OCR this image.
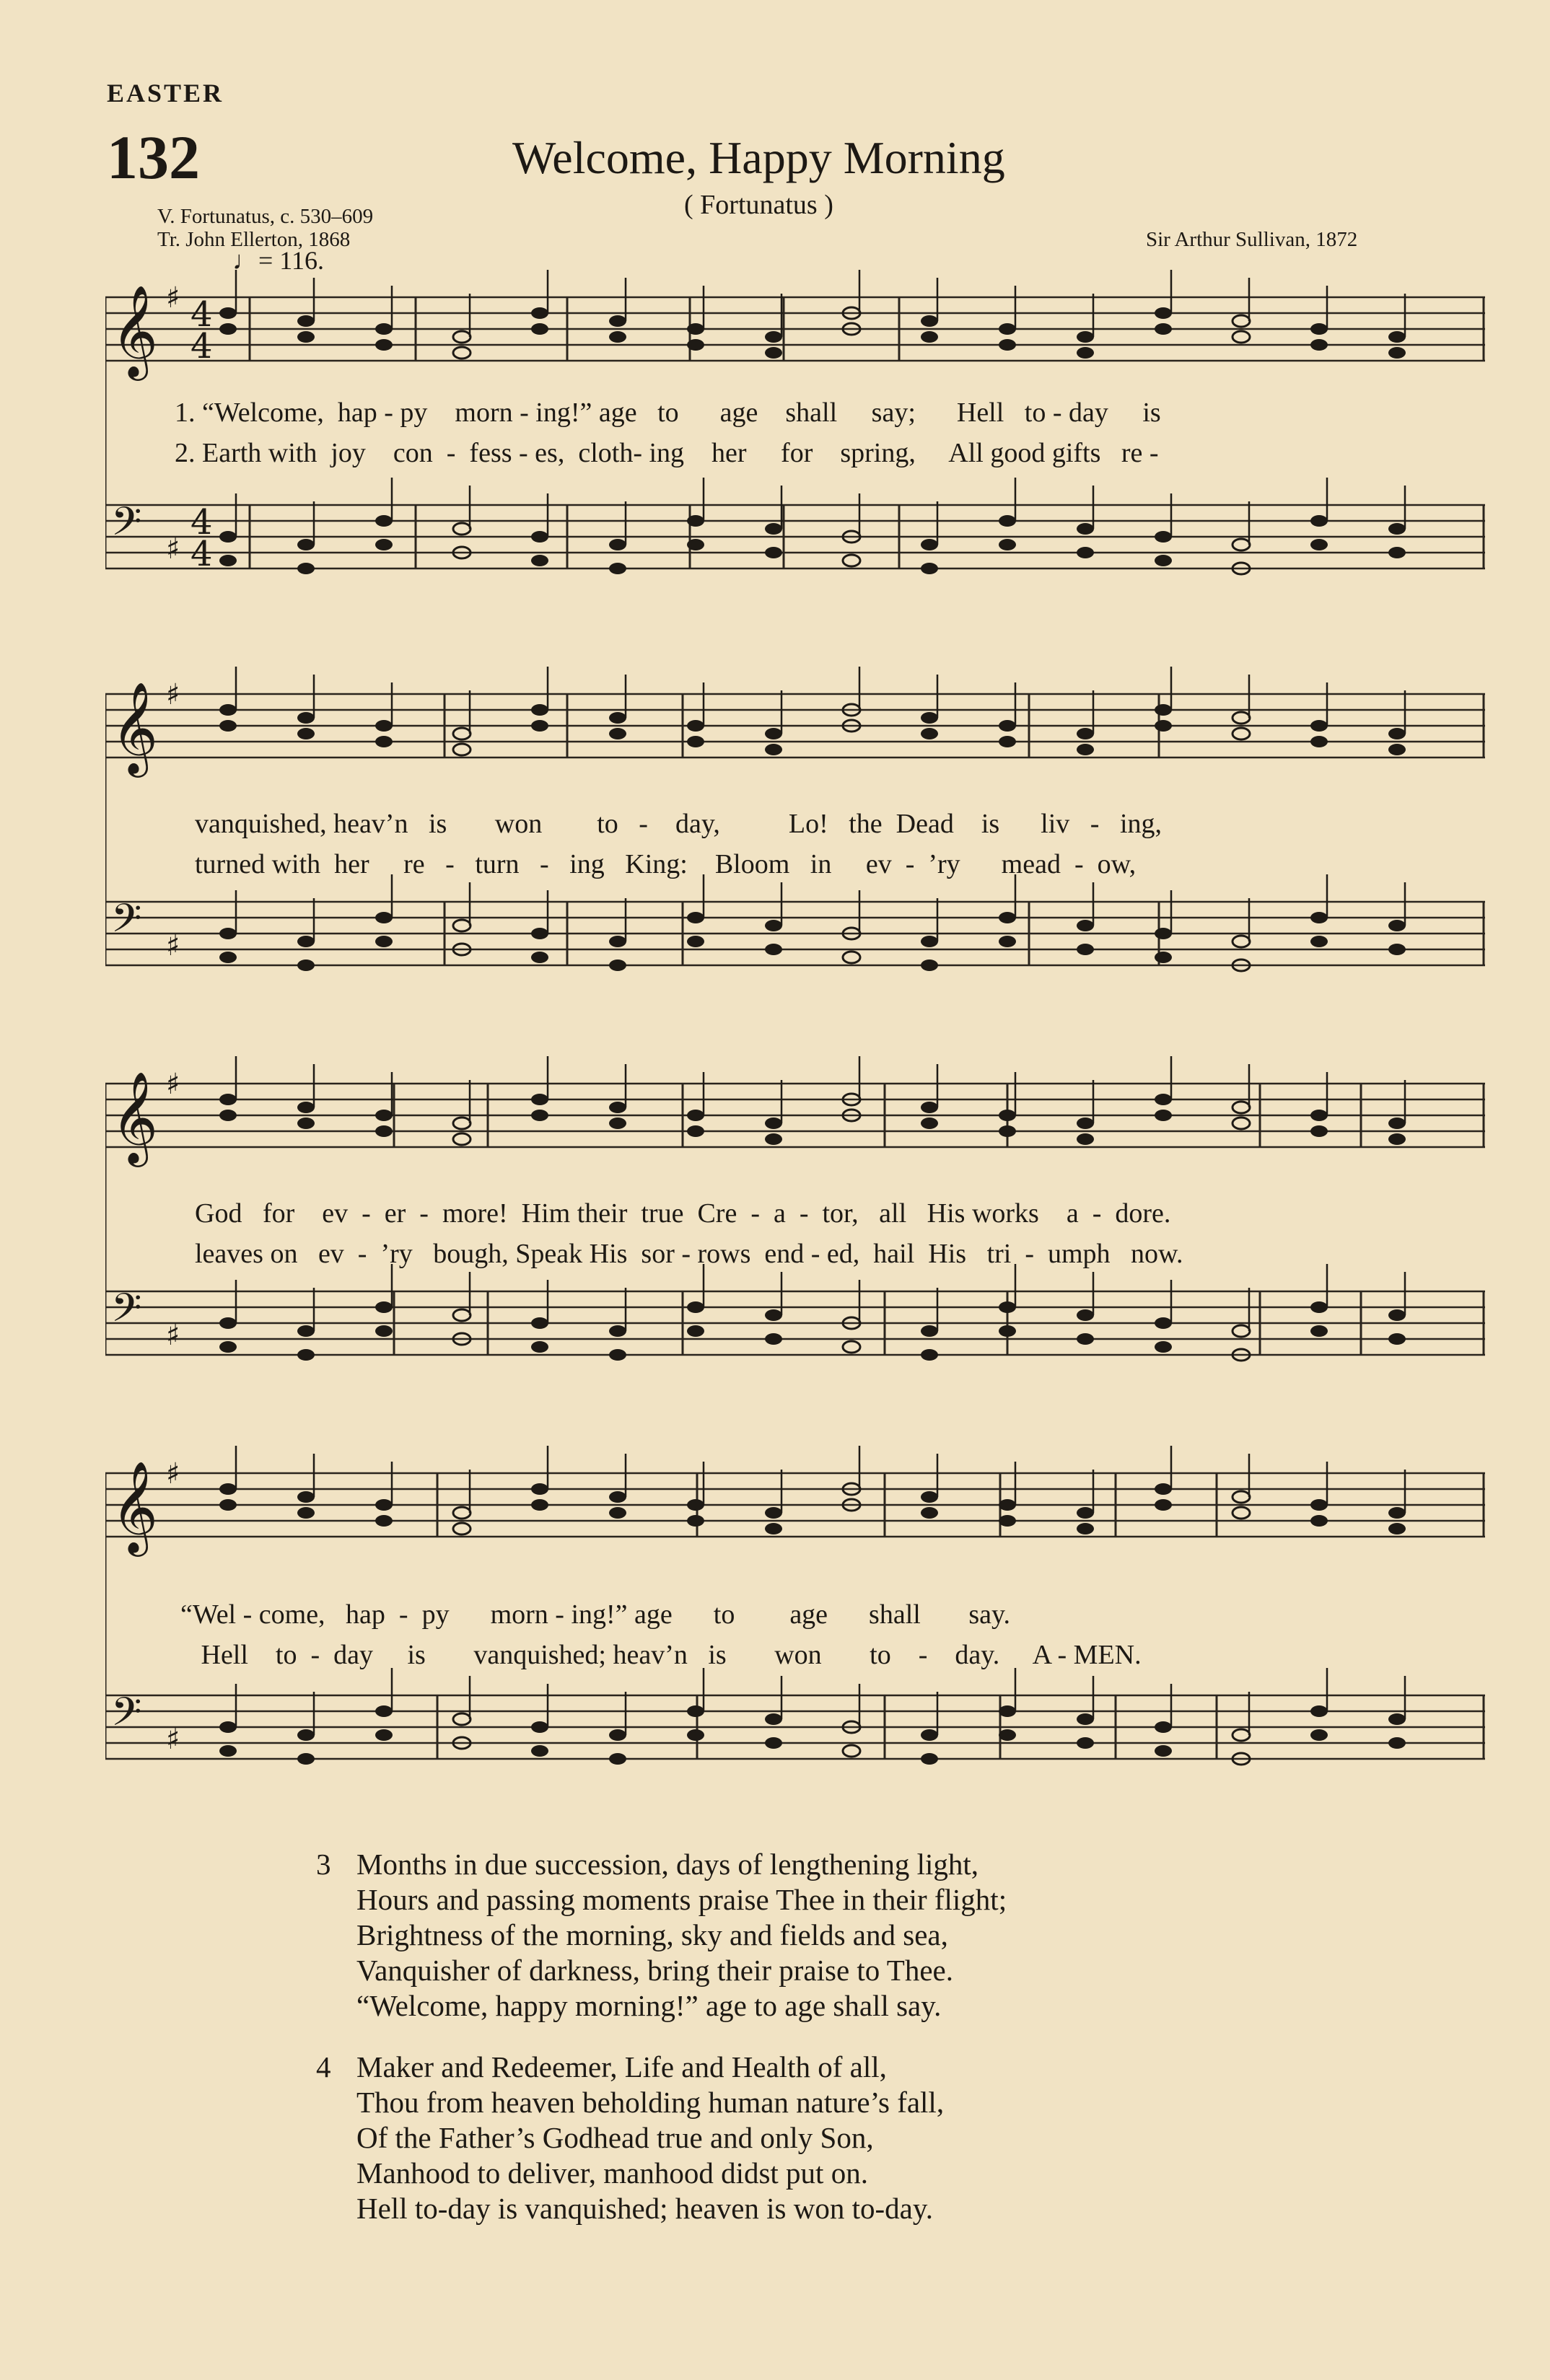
EASTER
132	Welcome, Happy Morning
( Fortunatus )
V. Fortunatus, c. 530–609
Tr. John Ellerton, 1868	Sir Arthur Sullivan, 1872
♩= 116.
𝄞 ♯
𝄢 ♯
4
4
4
4
1. “Welcome,  hap - py    morn - ing!” age   to      age    shall     say;      Hell   to - day     is
2. Earth with  joy    con  -  fess - es,  cloth- ing    her     for    spring,     All good gifts   re -
𝄞 ♯
𝄢 ♯
vanquished, heav’n   is       won        to   -    day,          Lo!   the  Dead    is      liv   -   ing,
turned with  her     re   -   turn   -   ing   King:    Bloom   in     ev  -  ’ry      mead  -  ow,
𝄞 ♯
𝄢 ♯
God   for    ev  -  er  -  more!  Him their  true  Cre  -  a  -  tor,   all   His works    a  -  dore.
leaves on   ev  -  ’ry   bough, Speak His  sor - rows  end - ed,  hail  His   tri  -  umph   now.
𝄞 ♯
𝄢 ♯
“Wel - come,   hap  -  py      morn - ing!” age      to        age      shall       say.
Hell    to  -  day     is       vanquished; heav’n   is       won       to    -    day.     A - MEN.
3 Months in due succession, days of lengthening light,
Hours and passing moments praise Thee in their flight;
Brightness of the morning, sky and fields and sea,
Vanquisher of darkness, bring their praise to Thee.
“Welcome, happy morning!” age to age shall say.
4 Maker and Redeemer, Life and Health of all,
Thou from heaven beholding human nature’s fall,
Of the Father’s Godhead true and only Son,
Manhood to deliver, manhood didst put on.
Hell to-day is vanquished; heaven is won to-day.
